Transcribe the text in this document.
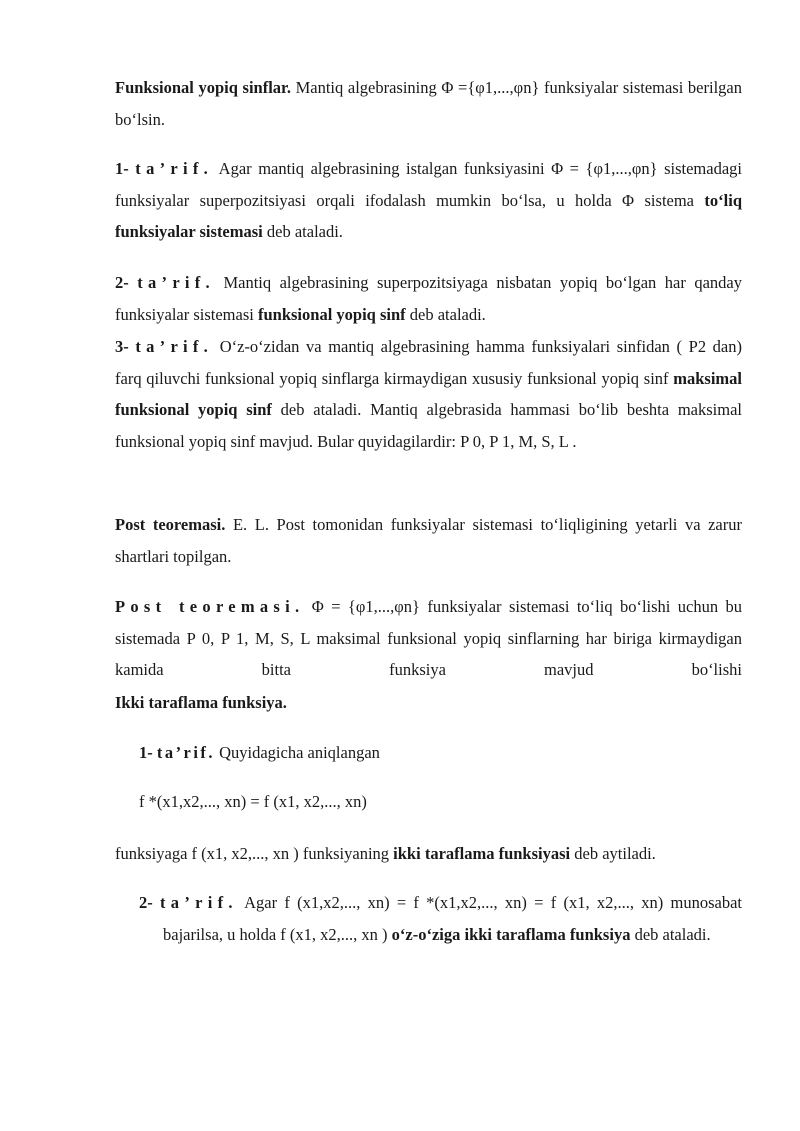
Funksional yopiq sinflar. Mantiq algebrasining Φ ={φ1,...,φn} funksiyalar sistemasi berilgan bo‘lsin.

1- ta’rif. Agar mantiq algebrasining istalgan funksiyasini Φ = {φ1,...,φn} sistemadagi funksiyalar superpozitsiyasi orqali ifodalash mumkin bo‘lsa, u holda Φ sistema to‘liq funksiyalar sistemasi deb ataladi.

2- ta’rif. Mantiq algebrasining superpozitsiyaga nisbatan yopiq bo‘lgan har qanday funksiyalar sistemasi funksional yopiq sinf deb ataladi.

3- ta’rif. O‘z-o‘zidan va mantiq algebrasining hamma funksiyalari sinfidan ( P2 dan) farq qiluvchi funksional yopiq sinflarga kirmaydigan xususiy funksional yopiq sinf maksimal funksional yopiq sinf deb ataladi. Mantiq algebrasida hammasi bo‘lib beshta maksimal funksional yopiq sinf mavjud. Bular quyidagilardir: P 0, P 1, M, S, L .

Post teoremasi. E. L. Post tomonidan funksiyalar sistemasi to‘liqligining yetarli va zarur shartlari topilgan.

Post teoremasi. Φ = {φ1,...,φn} funksiyalar sistemasi to‘liq bo‘lishi uchun bu sistemada P 0, P 1, M, S, L maksimal funksional yopiq sinflarning har biriga kirmaydigan kamida bitta funksiya mavjud bo‘lishi

Ikki taraflama funksiya.

1- ta’rif. Quyidagicha aniqlangan

f *(x1,x2,..., xn) = f (x1, x2,..., xn)

funksiyaga f (x1, x2,..., xn ) funksiyaning ikki taraflama funksiyasi deb aytiladi.

2- ta’rif. Agar f (x1,x2,..., xn) = f *(x1,x2,..., xn) = f (x1, x2,..., xn) munosabat bajarilsa, u holda f (x1, x2,..., xn ) o‘z-o‘ziga ikki taraflama funksiya deb ataladi.
